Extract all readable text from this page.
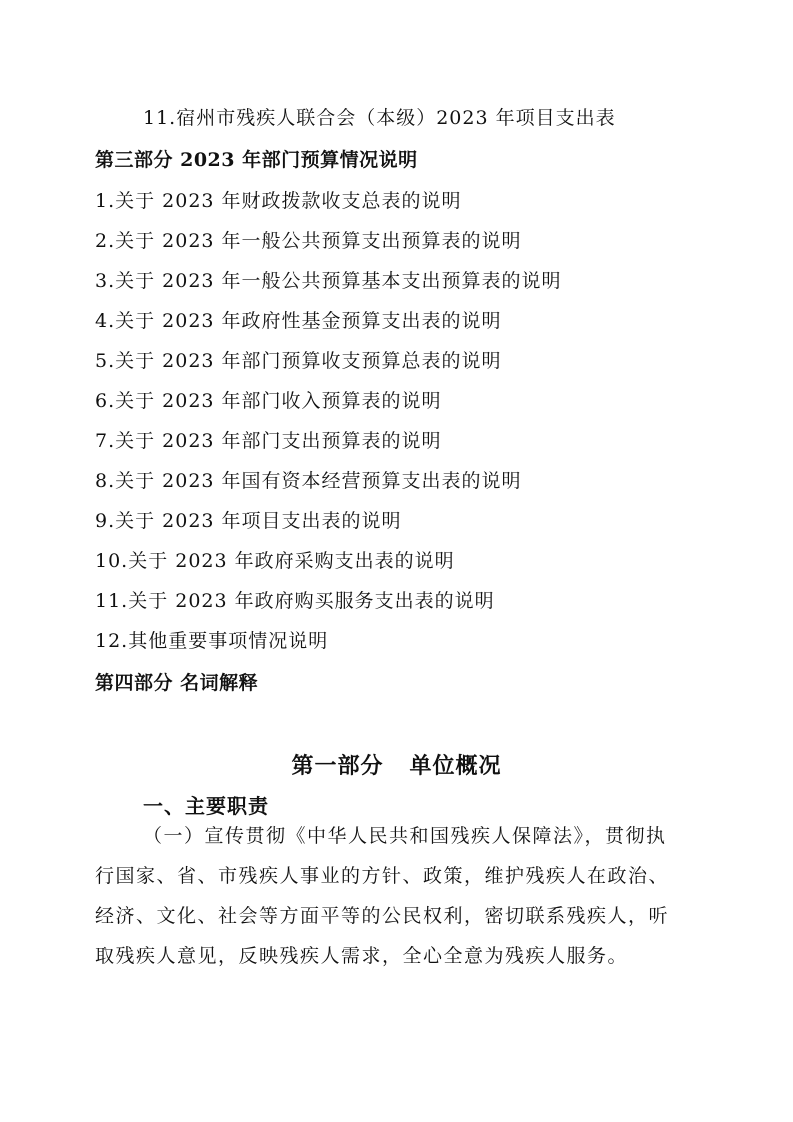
11.宿州市残疾人联合会（本级）2023 年项目支出表
第三部分 2023 年部门预算情况说明
1.关于 2023 年财政拨款收支总表的说明
2.关于 2023 年一般公共预算支出预算表的说明
3.关于 2023 年一般公共预算基本支出预算表的说明
4.关于 2023 年政府性基金预算支出表的说明
5.关于 2023 年部门预算收支预算总表的说明
6.关于 2023 年部门收入预算表的说明
7.关于 2023 年部门支出预算表的说明
8.关于 2023 年国有资本经营预算支出表的说明
9.关于 2023 年项目支出表的说明
10.关于 2023 年政府采购支出表的说明
11.关于 2023 年政府购买服务支出表的说明
12.其他重要事项情况说明
第四部分 名词解释
第一部分   单位概况
一、主要职责
（一）宣传贯彻《中华人民共和国残疾人保障法》，贯彻执
行国家、省、市残疾人事业的方针、政策，维护残疾人在政治、
经济、文化、社会等方面平等的公民权利，密切联系残疾人，听
取残疾人意见，反映残疾人需求，全心全意为残疾人服务。
